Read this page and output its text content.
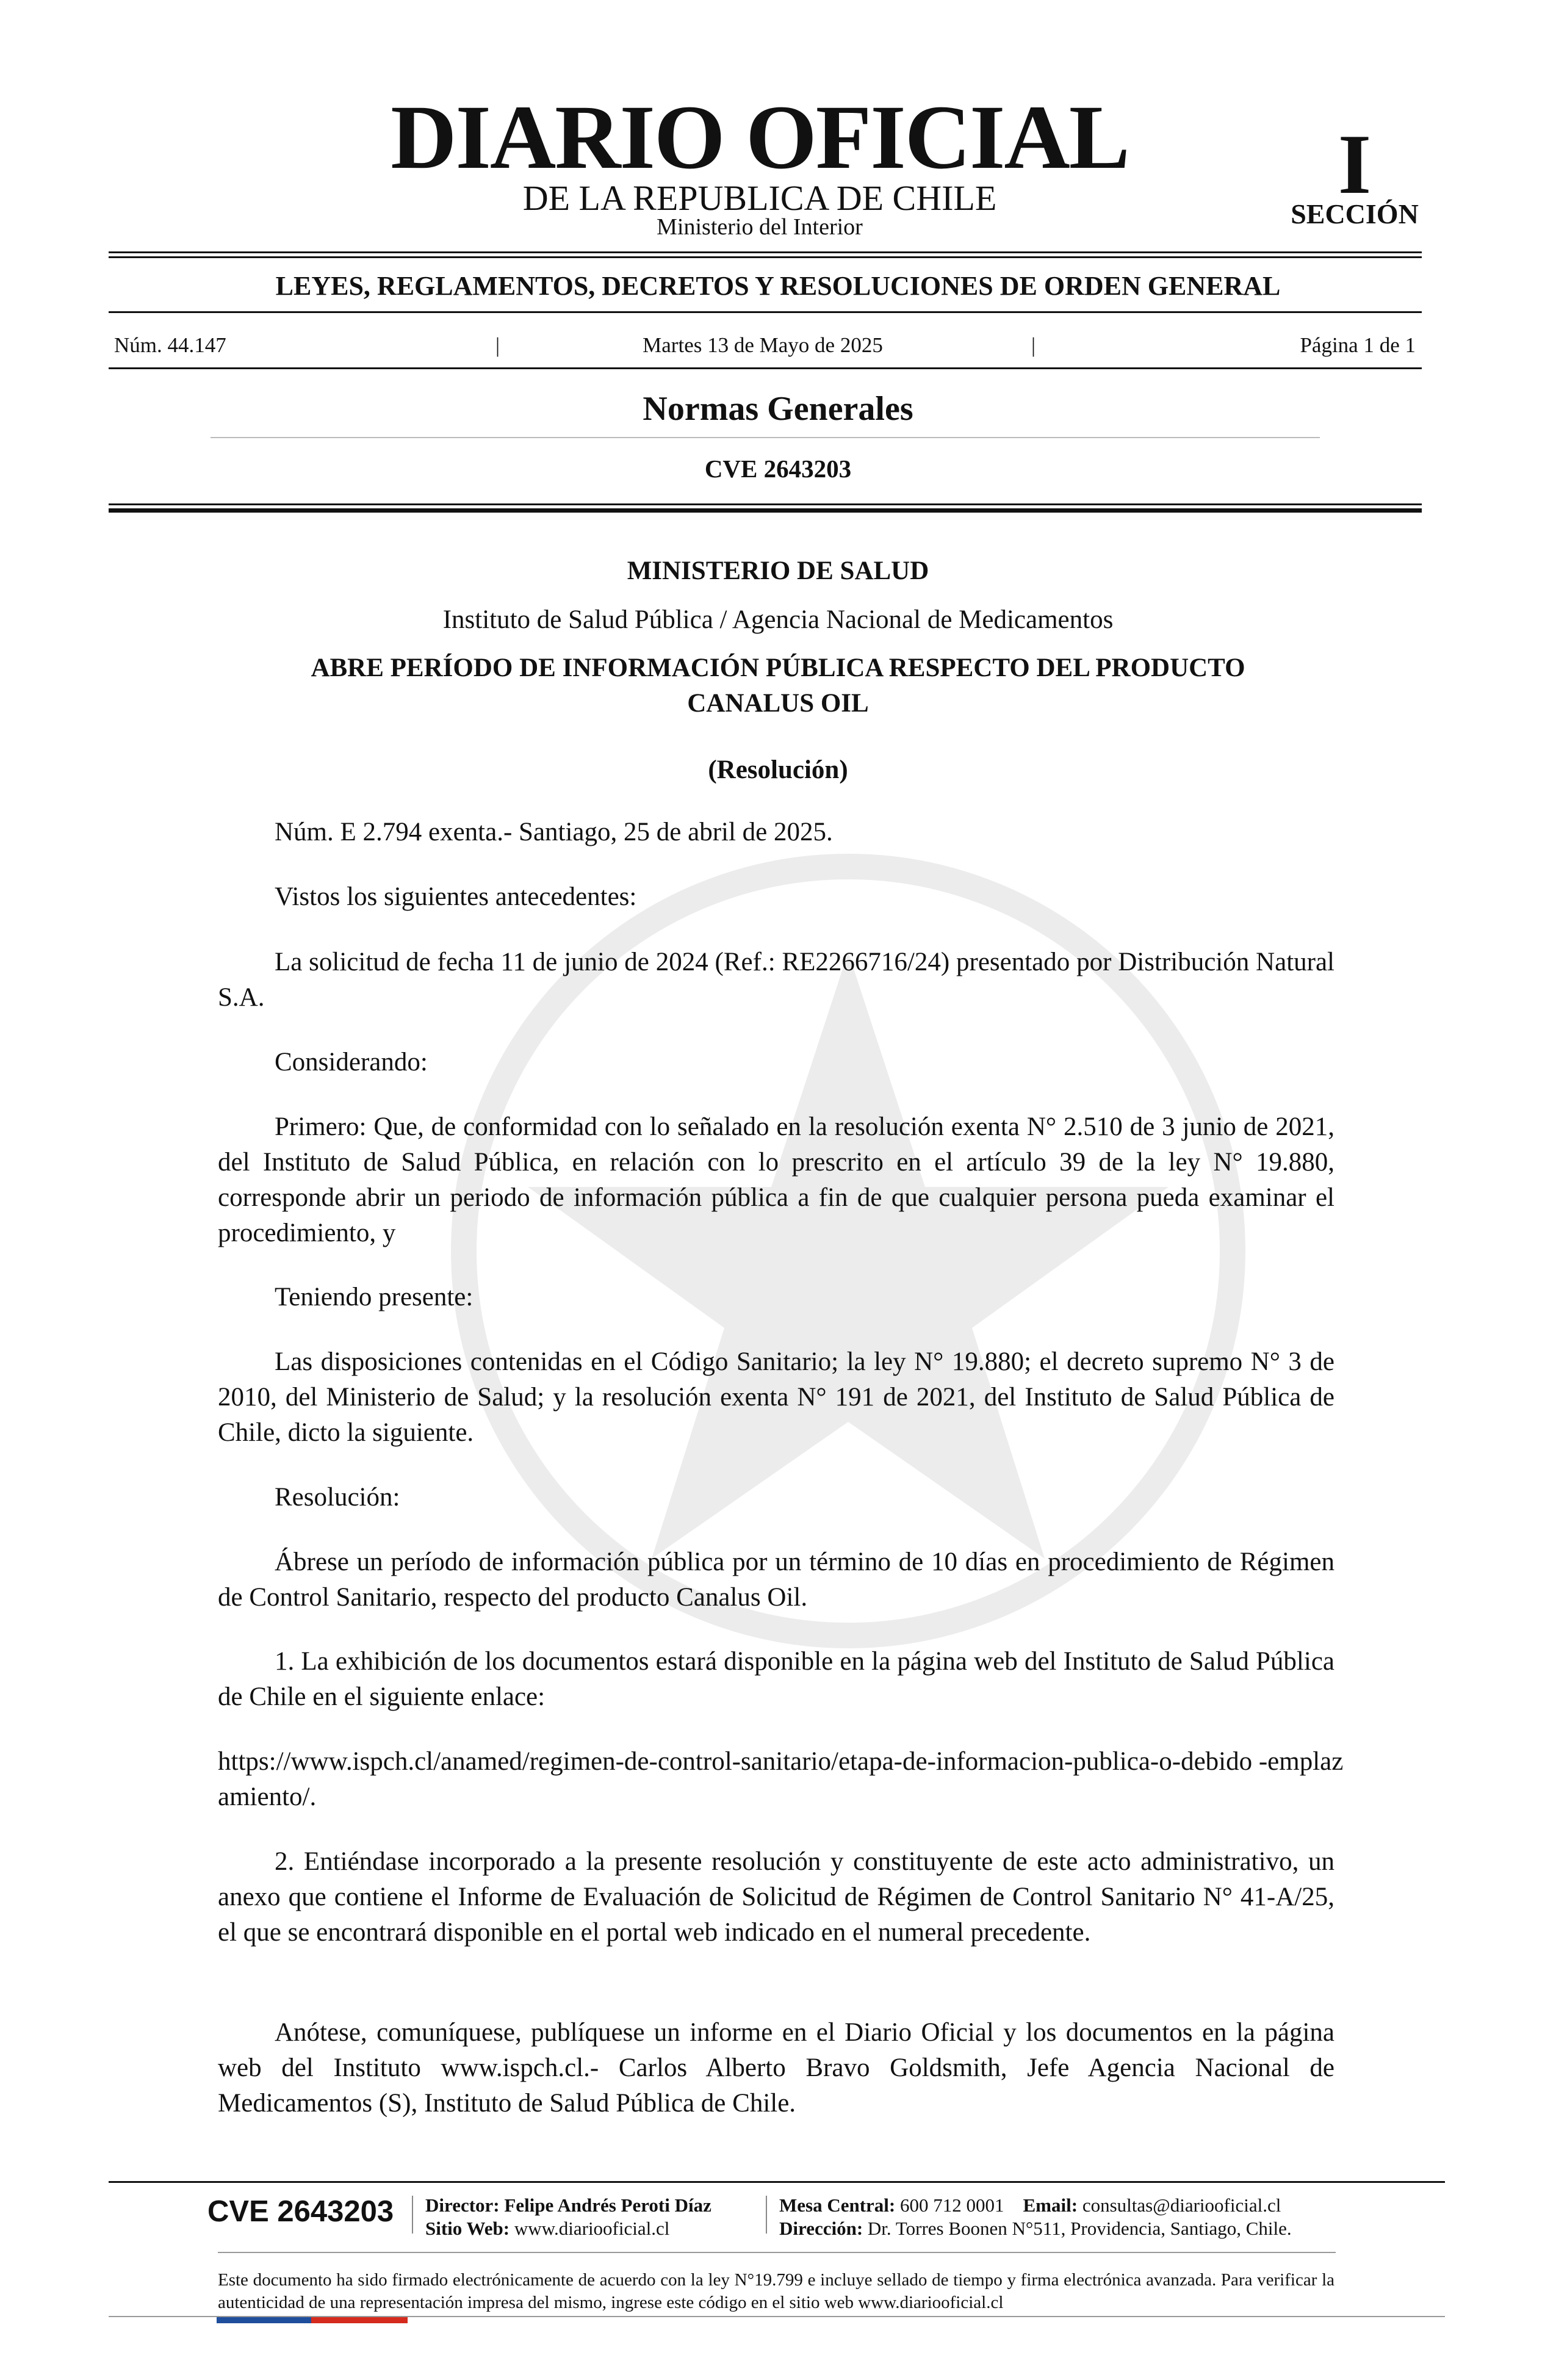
DIARIO OFICIAL
DE LA REPUBLICA DE CHILE
Ministerio del Interior
I
SECCIÓN
LEYES, REGLAMENTOS, DECRETOS Y RESOLUCIONES DE ORDEN GENERAL
Núm. 44.147	|	Martes 13 de Mayo de 2025	|	Página 1 de 1
Normas Generales
CVE 2643203
MINISTERIO DE SALUD
Instituto de Salud Pública / Agencia Nacional de Medicamentos
ABRE PERÍODO DE INFORMACIÓN PÚBLICA RESPECTO DEL PRODUCTO
CANALUS OIL
(Resolución)
Núm. E 2.794 exenta.- Santiago, 25 de abril de 2025.
Vistos los siguientes antecedentes:
La solicitud de fecha 11 de junio de 2024 (Ref.: RE2266716/24) presentado por Distribución Natural S.A.
Considerando:
Primero: Que, de conformidad con lo señalado en la resolución exenta N° 2.510 de 3 junio de 2021, del Instituto de Salud Pública, en relación con lo prescrito en el artículo 39 de la ley N° 19.880, corresponde abrir un periodo de información pública a fin de que cualquier persona pueda examinar el procedimiento, y
Teniendo presente:
Las disposiciones contenidas en el Código Sanitario; la ley N° 19.880; el decreto supremo N° 3 de 2010, del Ministerio de Salud; y la resolución exenta N° 191 de 2021, del Instituto de Salud Pública de Chile, dicto la siguiente.
Resolución:
Ábrese un período de información pública por un término de 10 días en procedimiento de Régimen de Control Sanitario, respecto del producto Canalus Oil.
1. La exhibición de los documentos estará disponible en la página web del Instituto de Salud Pública de Chile en el siguiente enlace:
https://www.ispch.cl/anamed/regimen-de-control-sanitario/etapa-de-informacion-publica-o-debido -emplazamiento/.
2. Entiéndase incorporado a la presente resolución y constituyente de este acto administrativo, un anexo que contiene el Informe de Evaluación de Solicitud de Régimen de Control Sanitario N° 41-A/25, el que se encontrará disponible en el portal web indicado en el numeral precedente.
Anótese, comuníquese, publíquese un informe en el Diario Oficial y los documentos en la página web del Instituto www.ispch.cl.- Carlos Alberto Bravo Goldsmith, Jefe Agencia Nacional de Medicamentos (S), Instituto de Salud Pública de Chile.
CVE 2643203 Director: Felipe Andrés Peroti Díaz
Sitio Web: www.diariooficial.cl
Mesa Central: 600 712 0001 Email: consultas@diariooficial.cl
Dirección: Dr. Torres Boonen N°511, Providencia, Santiago, Chile.
Este documento ha sido firmado electrónicamente de acuerdo con la ley N°19.799 e incluye sellado de tiempo y firma electrónica avanzada. Para verificar la autenticidad de una representación impresa del mismo, ingrese este código en el sitio web www.diariooficial.cl
